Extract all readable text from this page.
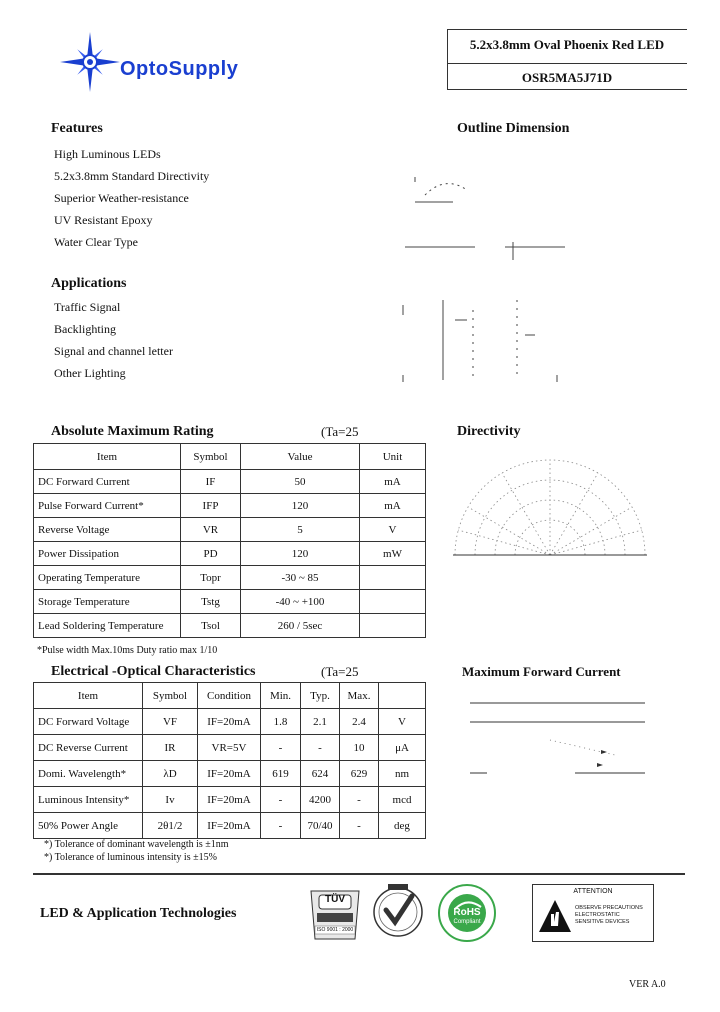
OptoSupply
5.2x3.8mm Oval Phoenix Red LED
OSR5MA5J71D
Features
High Luminous LEDs
5.2x3.8mm Standard Directivity
Superior Weather-resistance
UV Resistant Epoxy
Water Clear Type
Applications
Traffic Signal
Backlighting
Signal and channel letter
Other Lighting
Outline Dimension
Absolute Maximum Rating	(Ta=25
Item	Symbol	Value	Unit
DC Forward Current	IF	50	mA
Pulse Forward Current*	IFP	120	mA
Reverse Voltage	VR	5	V
Power Dissipation	PD	120	mW
Operating Temperature	Topr	-30 ~ 85	
Storage Temperature	Tstg	-40 ~ +100	
Lead Soldering Temperature	Tsol	260 / 5sec	
*Pulse width Max.10ms Duty ratio max 1/10
Directivity
Electrical -Optical Characteristics	(Ta=25
Item	Symbol	Condition	Min.	Typ.	Max.	
DC Forward Voltage	VF	IF=20mA	1.8	2.1	2.4	V
DC Reverse Current	IR	VR=5V	-	-	10	μA
Domi. Wavelength*	λD	IF=20mA	619	624	629	nm
Luminous Intensity*	Iv	IF=20mA	-	4200	-	mcd
50% Power Angle	2θ1/2	IF=20mA	-	70/40	-	deg
*) Tolerance of dominant wavelength is ±1nm
*) Tolerance of luminous intensity is ±15%
Maximum Forward Current
LED & Application Technologies
TÜV
ISO 9001 : 2000
RoHS
Compliant
ATTENTION
OBSERVE PRECAUTIONS
ELECTROSTATIC
SENSITIVE DEVICES
VER A.0
